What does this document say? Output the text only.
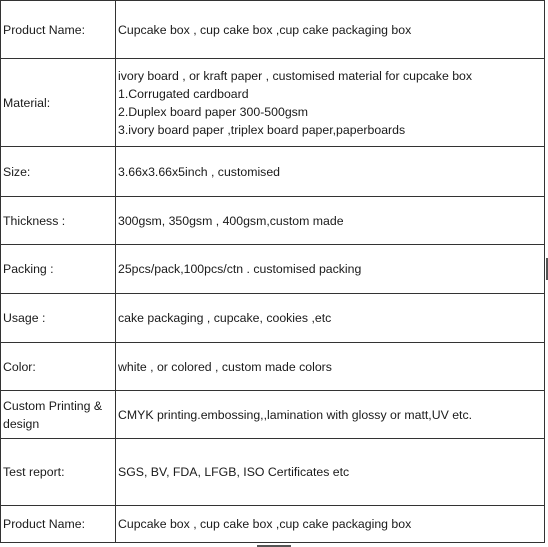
Product Name:	Cupcake box , cup cake box ,cup cake packaging box

Material:	ivory board , or kraft paper , customised material for cupcake box
1.Corrugated cardboard
2.Duplex board paper 300-500gsm
3.ivory board paper ,triplex board paper,paperboards

Size:	3.66x3.66x5inch , customised

Thickness :	300gsm, 350gsm , 400gsm,custom made

Packing :	25pcs/pack,100pcs/ctn . customised packing

Usage :	cake packaging , cupcake, cookies ,etc

Color:	white , or colored , custom made colors

Custom Printing & design	CMYK printing.embossing,,lamination with glossy or matt,UV etc.

Test report:	SGS, BV, FDA, LFGB, ISO Certificates etc

Product Name:	Cupcake box , cup cake box ,cup cake packaging box
